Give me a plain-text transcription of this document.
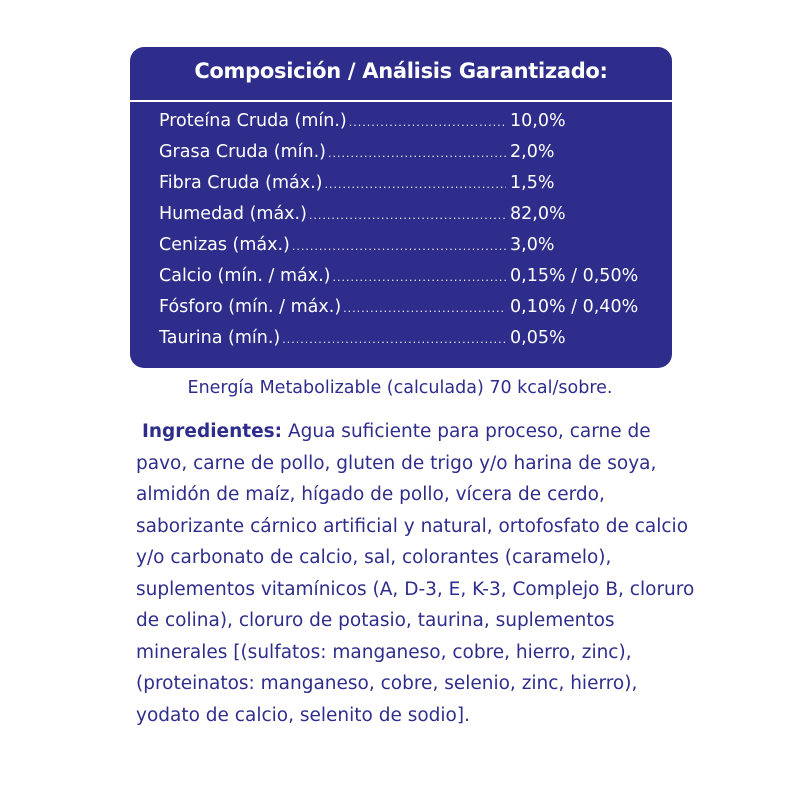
Composición / Análisis Garantizado:
Proteína Cruda (mín.) .....	10,0%
Grasa Cruda (mín.) .....	2,0%
Fibra Cruda (máx.) .....	1,5%
Humedad (máx.) .....	82,0%
Cenizas (máx.) .....	3,0%
Calcio (mín. / máx.) .....	0,15% / 0,50%
Fósforo (mín. / máx.) .....	0,10% / 0,40%
Taurina (mín.) .....	0,05%
Energía Metabolizable (calculada) 70 kcal/sobre.

Ingredientes: Agua suficiente para proceso, carne de pavo, carne de pollo, gluten de trigo y/o harina de soya, almidón de maíz, hígado de pollo, vícera de cerdo, saborizante cárnico artificial y natural, ortofosfato de calcio y/o carbonato de calcio, sal, colorantes (caramelo), suplementos vitamínicos (A, D-3, E, K-3, Complejo B, cloruro de colina), cloruro de potasio, taurina, suplementos minerales [(sulfatos: manganeso, cobre, hierro, zinc), (proteinatos: manganeso, cobre, selenio, zinc, hierro), yodato de calcio, selenito de sodio].
